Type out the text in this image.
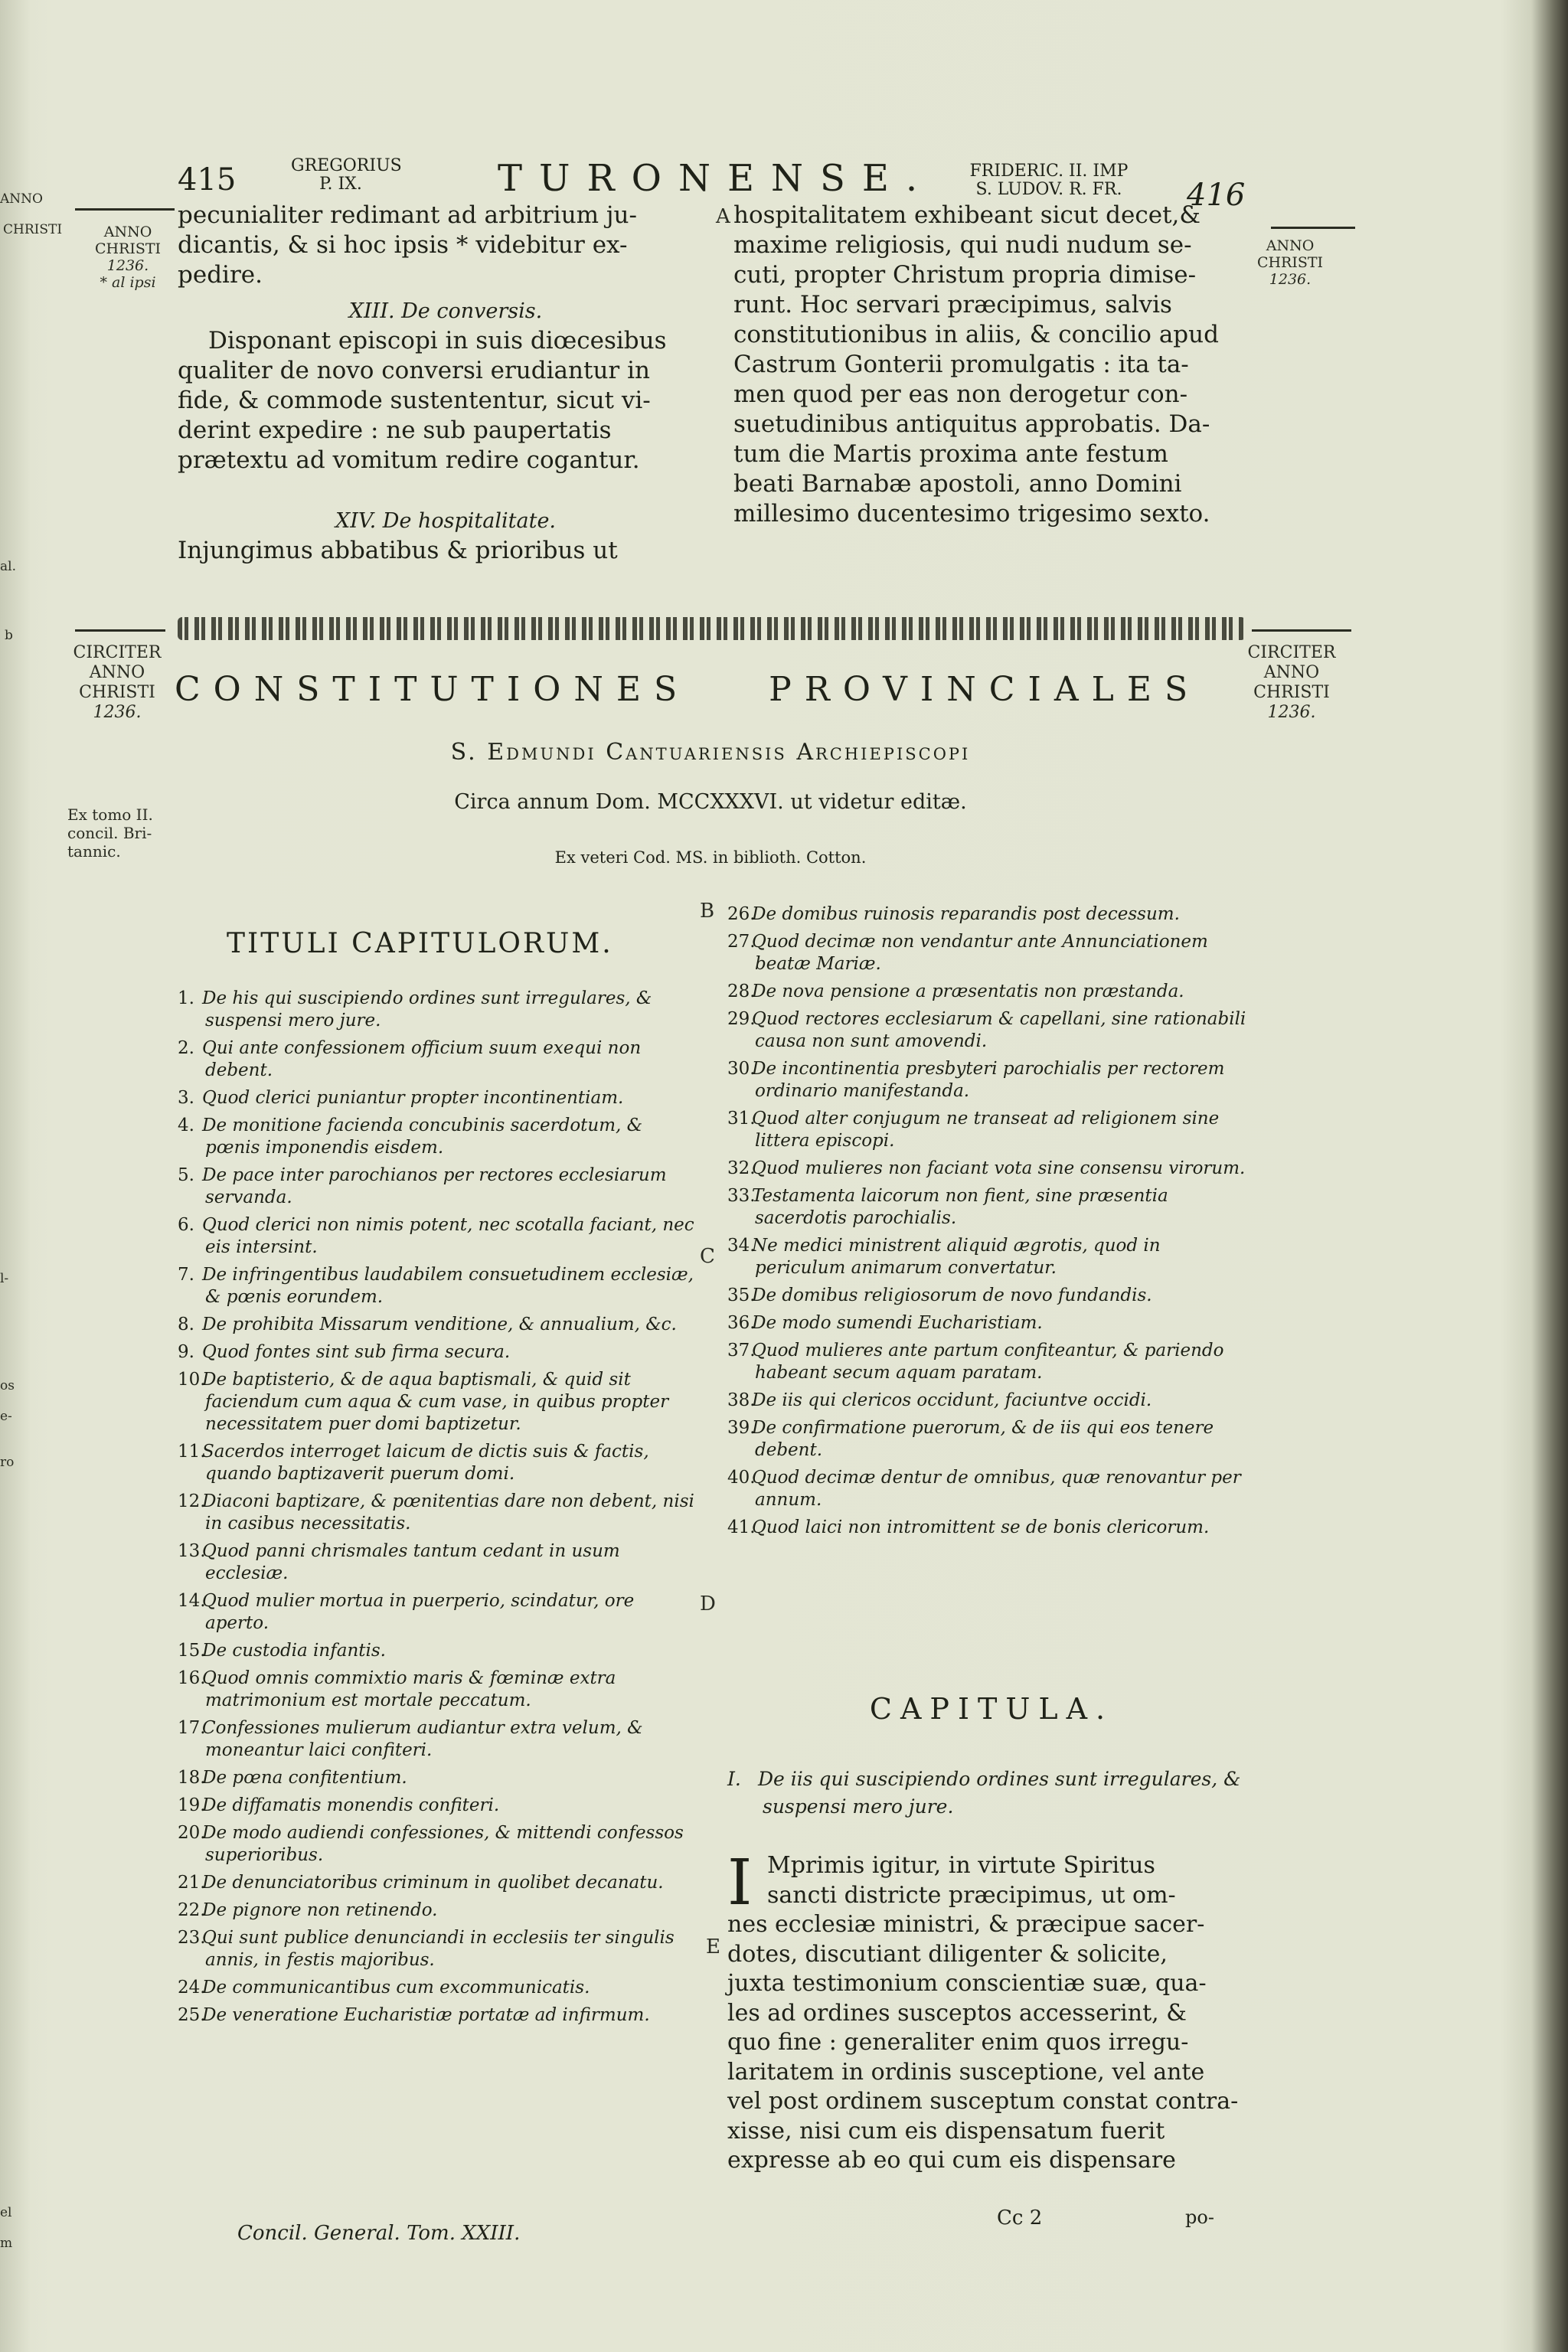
ANNO
CHRISTI
al.
b
l-
os
e-
ro
el
m
415	GREGORIUS
P. IX.	TURONENSE.	FRIDERIC. II. IMP
S. LUDOV. R. FR.	416
ANNO
CHRISTI
1236.
* al ipsi
ANNO
CHRISTI
1236.
pecunialiter redimant ad arbitrium ju-
dicantis, & si hoc ipsis * videbitur ex-
pedire.
XIII. De conversis.
Disponant episcopi in suis diœcesibus
qualiter de novo conversi erudiantur in
fide, & commode sustententur, sicut vi-
derint expedire : ne sub paupertatis
prætextu ad vomitum redire cogantur.
XIV. De hospitalitate.
Injungimus abbatibus & prioribus ut
A hospitalitatem exhibeant sicut decet,&
maxime religiosis, qui nudi nudum se-
cuti, propter Christum propria dimise-
runt. Hoc servari præcipimus, salvis
constitutionibus in aliis, & concilio apud
Castrum Gonterii promulgatis : ita ta-
men quod per eas non derogetur con-
suetudinibus antiquitus approbatis. Da-
tum die Martis proxima ante festum
beati Barnabæ apostoli, anno Domini
millesimo ducentesimo trigesimo sexto.
CIRCITER
ANNO
CHRISTI
1236.
CIRCITER
ANNO
CHRISTI
1236.
CONSTITUTIONES PROVINCIALES
S. Edmundi Cantuariensis Archiepiscopi
Circa annum Dom. MCCXXXVI. ut videtur editæ.
Ex veteri Cod. MS. in biblioth. Cotton.
Ex tomo II.
concil. Bri-
tannic.
TITULI CAPITULORUM.
B
C
D
E
1. De his qui suscipiendo ordines sunt irregulares, & suspensi mero jure.
2. Qui ante confessionem officium suum exequi non debent.
3. Quod clerici puniantur propter incontinentiam.
4. De monitione facienda concubinis sacerdotum, & pœnis imponendis eisdem.
5. De pace inter parochianos per rectores ecclesiarum servanda.
6. Quod clerici non nimis potent, nec scotalla faciant, nec eis intersint.
7. De infringentibus laudabilem consuetudinem ecclesiæ, & pœnis eorundem.
8. De prohibita Missarum venditione, & annualium, &c.
9. Quod fontes sint sub firma secura.
10.De baptisterio, & de aqua baptismali, & quid sit faciendum cum aqua & cum vase, in quibus propter necessitatem puer domi baptizetur.
11.Sacerdos interroget laicum de dictis suis & factis, quando baptizaverit puerum domi.
12.Diaconi baptizare, & pœnitentias dare non debent, nisi in casibus necessitatis.
13.Quod panni chrismales tantum cedant in usum ecclesiæ.
14.Quod mulier mortua in puerperio, scindatur, ore aperto.
15.De custodia infantis.
16.Quod omnis commixtio maris & fœminæ extra matrimonium est mortale peccatum.
17.Confessiones mulierum audiantur extra velum, & moneantur laici confiteri.
18.De pœna confitentium.
19.De diffamatis monendis confiteri.
20.De modo audiendi confessiones, & mittendi confessos superioribus.
21.De denunciatoribus criminum in quolibet decanatu.
22.De pignore non retinendo.
23.Qui sunt publice denunciandi in ecclesiis ter singulis annis, in festis majoribus.
24.De communicantibus cum excommunicatis.
25.De veneratione Eucharistiæ portatæ ad infirmum.
26.De domibus ruinosis reparandis post decessum.
27.Quod decimæ non vendantur ante Annunciationem beatæ Mariæ.
28.De nova pensione a præsentatis non præstanda.
29.Quod rectores ecclesiarum & capellani, sine rationabili causa non sunt amovendi.
30.De incontinentia presbyteri parochialis per rectorem ordinario manifestanda.
31.Quod alter conjugum ne transeat ad religionem sine littera episcopi.
32.Quod mulieres non faciant vota sine consensu virorum.
33.Testamenta laicorum non fient, sine præsentia sacerdotis parochialis.
34.Ne medici ministrent aliquid ægrotis, quod in periculum animarum convertatur.
35.De domibus religiosorum de novo fundandis.
36.De modo sumendi Eucharistiam.
37.Quod mulieres ante partum confiteantur, & pariendo habeant secum aquam paratam.
38.De iis qui clericos occidunt, faciuntve occidi.
39.De confirmatione puerorum, & de iis qui eos tenere debent.
40.Quod decimæ dentur de omnibus, quæ renovantur per annum.
41.Quod laici non intromittent se de bonis clericorum.
CAPITULA.
I. De iis qui suscipiendo ordines sunt irregulares, & suspensi mero jure.
I Mprimis igitur, in virtute Spiritus
sancti districte præcipimus, ut om-
nes ecclesiæ ministri, & præcipue sacer-
dotes, discutiant diligenter & solicite,
juxta testimonium conscientiæ suæ, qua-
les ad ordines susceptos accesserint, &
quo fine : generaliter enim quos irregu-
laritatem in ordinis susceptione, vel ante
vel post ordinem susceptum constat contra-
xisse, nisi cum eis dispensatum fuerit
expresse ab eo qui cum eis dispensare
Concil. General. Tom. XXIII.
Cc 2	po-
